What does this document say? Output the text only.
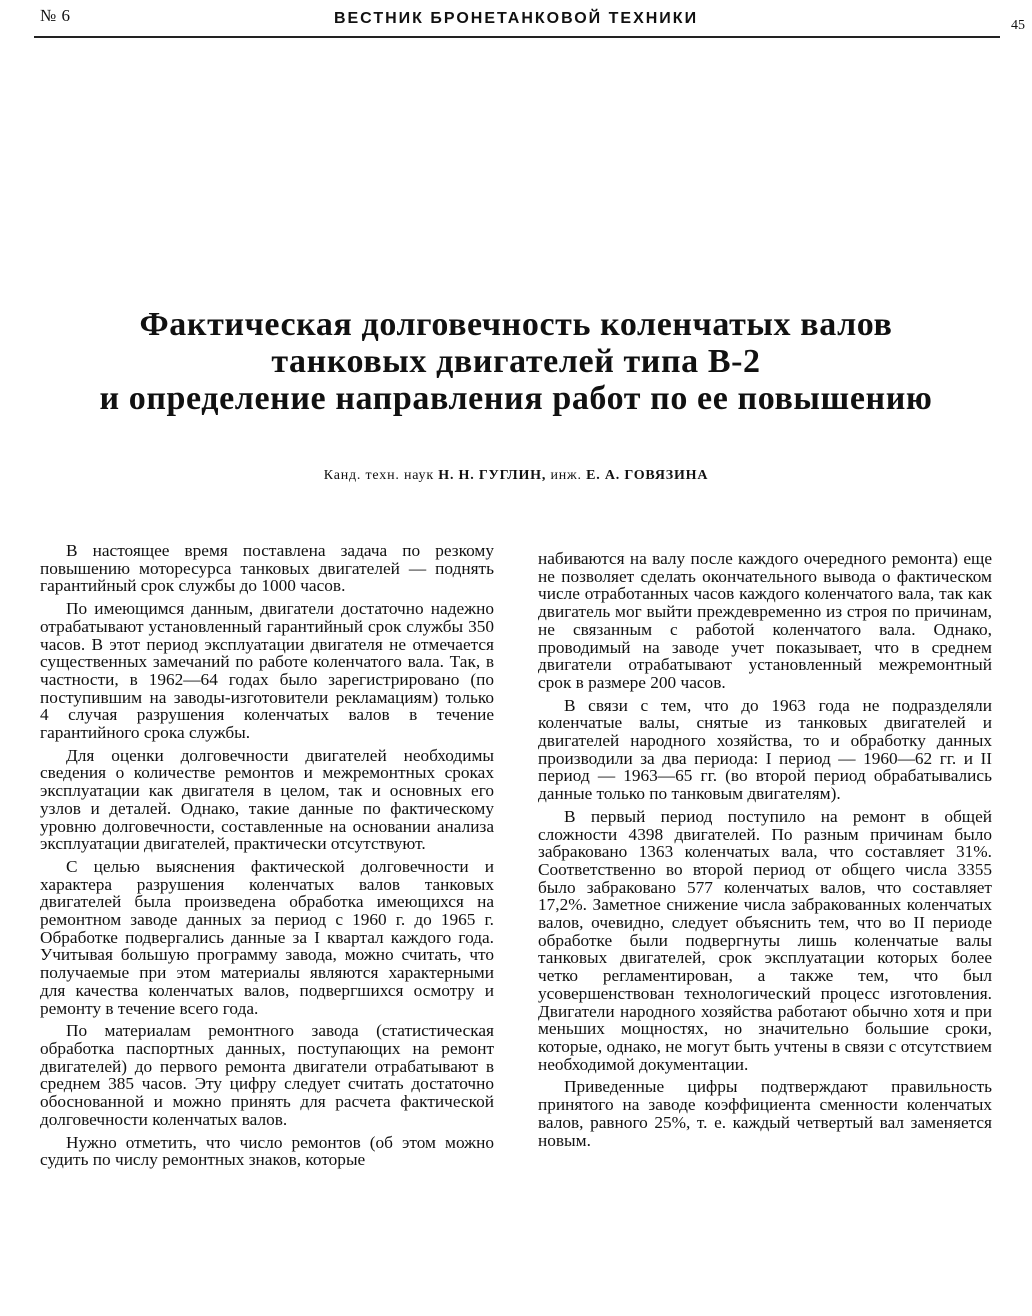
№ 6	ВЕСТНИК БРОНЕТАНКОВОЙ ТЕХНИКИ	45
Фактическая долговечность коленчатых валов
танковых двигателей типа В-2
и определение направления работ по ее повышению
Канд. техн. наук Н. Н. ГУГЛИН, инж. Е. А. ГОВЯЗИНА

В настоящее время поставлена задача по резкому повышению моторесурса танковых двигателей — поднять гарантийный срок службы до 1000 часов.

По имеющимся данным, двигатели достаточно надежно отрабатывают установленный гарантийный срок службы 350 часов. В этот период эксплуатации двигателя не отмечается существенных замечаний по работе коленчатого вала. Так, в частности, в 1962—64 годах было зарегистрировано (по поступившим на заводы-изготовители рекламациям) только 4 случая разрушения коленчатых валов в течение гарантийного срока службы.

Для оценки долговечности двигателей необходимы сведения о количестве ремонтов и межремонтных сроках эксплуатации как двигателя в целом, так и основных его узлов и деталей. Однако, такие данные по фактическому уровню долговечности, составленные на основании анализа эксплуатации двигателей, практически отсутствуют.

С целью выяснения фактической долговечности и характера разрушения коленчатых валов танковых двигателей была произведена обработка имеющихся на ремонтном заводе данных за период с 1960 г. до 1965 г. Обработке подвергались данные за I квартал каждого года. Учитывая большую программу завода, можно считать, что получаемые при этом материалы являются характерными для качества коленчатых валов, подвергшихся осмотру и ремонту в течение всего года.

По материалам ремонтного завода (статистическая обработка паспортных данных, поступающих на ремонт двигателей) до первого ремонта двигатели отрабатывают в среднем 385 часов. Эту цифру следует считать достаточно обоснованной и можно принять для расчета фактической долговечности коленчатых валов.

Нужно отметить, что число ремонтов (об этом можно судить по числу ремонтных знаков, которые

набиваются на валу после каждого очередного ремонта) еще не позволяет сделать окончательного вывода о фактическом числе отработанных часов каждого коленчатого вала, так как двигатель мог выйти преждевременно из строя по причинам, не связанным с работой коленчатого вала. Однако, проводимый на заводе учет показывает, что в среднем двигатели отрабатывают установленный межремонтный срок в размере 200 часов.

В связи с тем, что до 1963 года не подразделяли коленчатые валы, снятые из танковых двигателей и двигателей народного хозяйства, то и обработку данных производили за два периода: I период — 1960—62 гг. и II период — 1963—65 гг. (во второй период обрабатывались данные только по танковым двигателям).

В первый период поступило на ремонт в общей сложности 4398 двигателей. По разным причинам было забраковано 1363 коленчатых вала, что составляет 31%. Соответственно во второй период от общего числа 3355 было забраковано 577 коленчатых валов, что составляет 17,2%. Заметное снижение числа забракованных коленчатых валов, очевидно, следует объяснить тем, что во II периоде обработке были подвергнуты лишь коленчатые валы танковых двигателей, срок эксплуатации которых более четко регламентирован, а также тем, что был усовершенствован технологический процесс изготовления. Двигатели народного хозяйства работают обычно хотя и при меньших мощностях, но значительно большие сроки, которые, однако, не могут быть учтены в связи с отсутствием необходимой документации.

Приведенные цифры подтверждают правильность принятого на заводе коэффициента сменности коленчатых валов, равного 25%, т. е. каждый четвертый вал заменяется новым.
